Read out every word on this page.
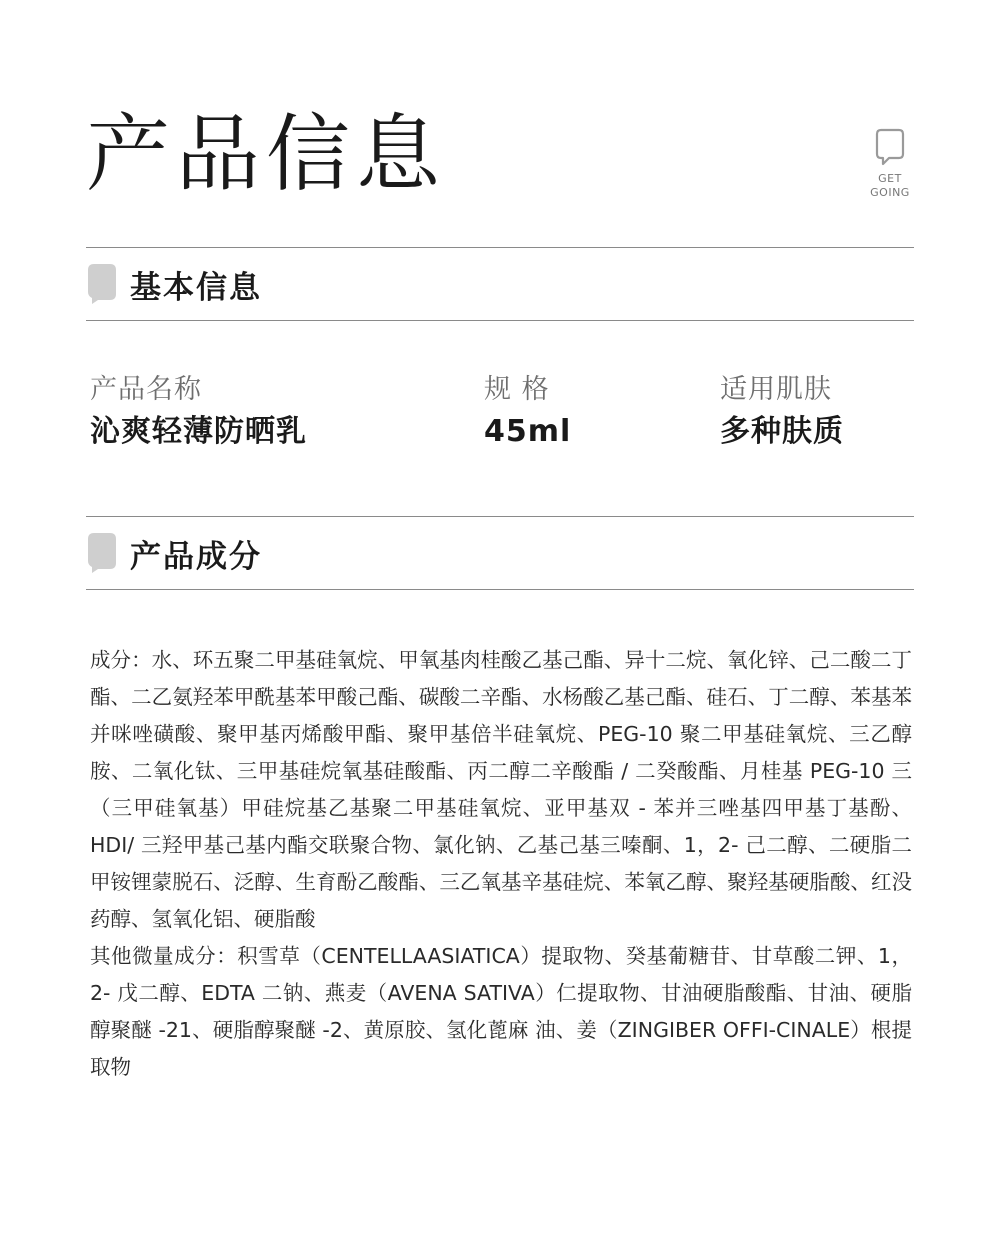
产品信息	GET
GOING
基本信息
产品名称
沁爽轻薄防晒乳
规 格
45ml
适用肌肤
多种肤质
产品成分

成分：水、环五聚二甲基硅氧烷、甲氧基肉桂酸乙基己酯、异十二烷、氧化锌、己二酸二丁酯、二乙氨羟苯甲酰基苯甲酸己酯、碳酸二辛酯、水杨酸乙基己酯、硅石、丁二醇、苯基苯并咪唑磺酸、聚甲基丙烯酸甲酯、聚甲基倍半硅氧烷、PEG-10 聚二甲基硅氧烷、三乙醇胺、二氧化钛、三甲基硅烷氧基硅酸酯、丙二醇二辛酸酯 / 二癸酸酯、月桂基 PEG-10 三（三甲硅氧基）甲硅烷基乙基聚二甲基硅氧烷、亚甲基双 - 苯并三唑基四甲基丁基酚、HDI/ 三羟甲基己基内酯交联聚合物、氯化钠、乙基己基三嗪酮、1，2- 己二醇、二硬脂二甲铵锂蒙脱石、泛醇、生育酚乙酸酯、三乙氧基辛基硅烷、苯氧乙醇、聚羟基硬脂酸、红没药醇、氢氧化铝、硬脂酸

其他微量成分：积雪草（CENTELLAASIATICA）提取物、癸基葡糖苷、甘草酸二钾、1，2- 戊二醇、EDTA 二钠、燕麦（AVENA SATIVA）仁提取物、甘油硬脂酸酯、甘油、硬脂醇聚醚 -21、硬脂醇聚醚 -2、黄原胶、氢化蓖麻 油、姜（ZINGIBER OFFI-CINALE）根提取物
